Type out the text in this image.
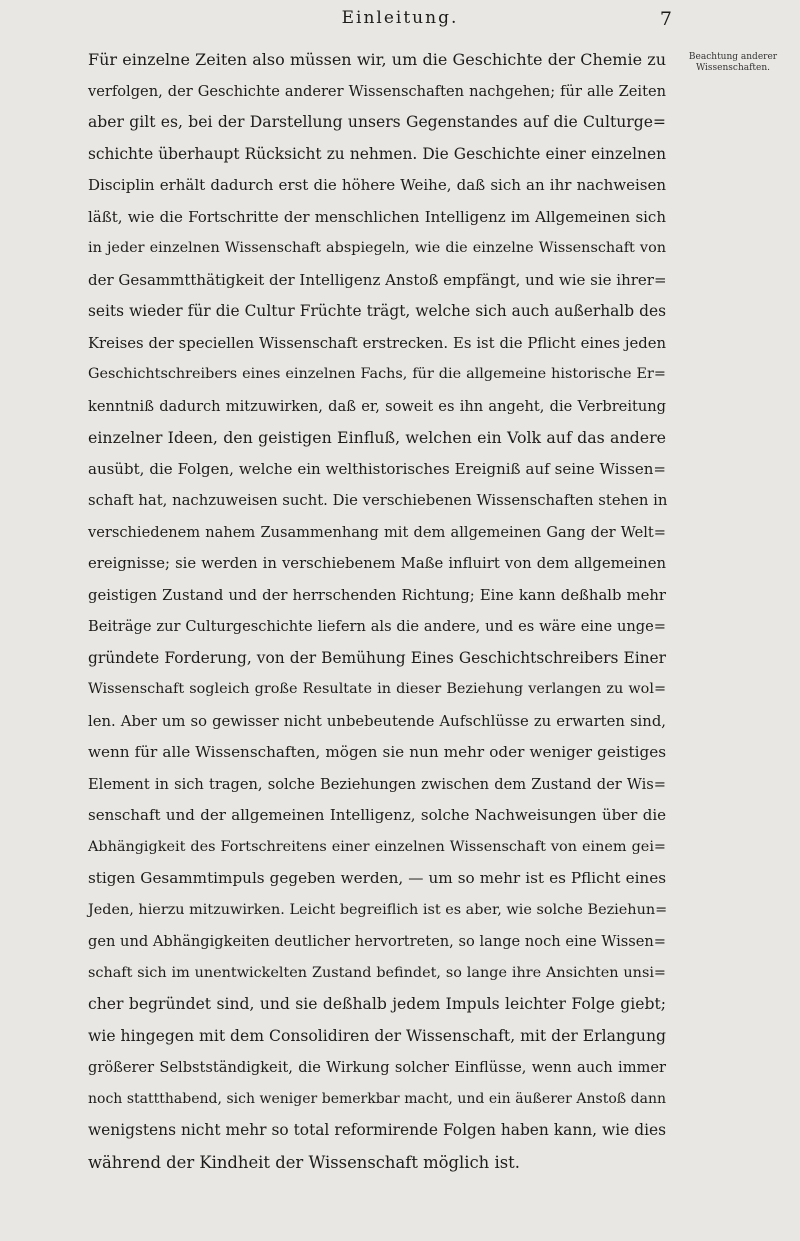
Einleitung.	7
Beachtung anderer
Wissenschaften.
Für einzelne Zeiten also müssen wir, um die Geschichte der Chemie zu
verfolgen, der Geschichte anderer Wissenschaften nachgehen; für alle Zeiten
aber gilt es, bei der Darstellung unsers Gegenstandes auf die Culturge=
schichte überhaupt Rücksicht zu nehmen. Die Geschichte einer einzelnen
Disciplin erhält dadurch erst die höhere Weihe, daß sich an ihr nachweisen
läßt, wie die Fortschritte der menschlichen Intelligenz im Allgemeinen sich
in jeder einzelnen Wissenschaft abspiegeln, wie die einzelne Wissenschaft von
der Gesammtthätigkeit der Intelligenz Anstoß empfängt, und wie sie ihrer=
seits wieder für die Cultur Früchte trägt, welche sich auch außerhalb des
Kreises der speciellen Wissenschaft erstrecken. Es ist die Pflicht eines jeden
Geschichtschreibers eines einzelnen Fachs, für die allgemeine historische Er=
kenntniß dadurch mitzuwirken, daß er, soweit es ihn angeht, die Verbreitung
einzelner Ideen, den geistigen Einfluß, welchen ein Volk auf das andere
ausübt, die Folgen, welche ein welthistorisches Ereigniß auf seine Wissen=
schaft hat, nachzuweisen sucht. Die verschiebenen Wissenschaften stehen in
verschiedenem nahem Zusammenhang mit dem allgemeinen Gang der Welt=
ereignisse; sie werden in verschiebenem Maße influirt von dem allgemeinen
geistigen Zustand und der herrschenden Richtung; Eine kann deßhalb mehr
Beiträge zur Culturgeschichte liefern als die andere, und es wäre eine unge=
gründete Forderung, von der Bemühung Eines Geschichtschreibers Einer
Wissenschaft sogleich große Resultate in dieser Beziehung verlangen zu wol=
len. Aber um so gewisser nicht unbebeutende Aufschlüsse zu erwarten sind,
wenn für alle Wissenschaften, mögen sie nun mehr oder weniger geistiges
Element in sich tragen, solche Beziehungen zwischen dem Zustand der Wis=
senschaft und der allgemeinen Intelligenz, solche Nachweisungen über die
Abhängigkeit des Fortschreitens einer einzelnen Wissenschaft von einem gei=
stigen Gesammtimpuls gegeben werden, — um so mehr ist es Pflicht eines
Jeden, hierzu mitzuwirken. Leicht begreiflich ist es aber, wie solche Beziehun=
gen und Abhängigkeiten deutlicher hervortreten, so lange noch eine Wissen=
schaft sich im unentwickelten Zustand befindet, so lange ihre Ansichten unsi=
cher begründet sind, und sie deßhalb jedem Impuls leichter Folge giebt;
wie hingegen mit dem Consolidiren der Wissenschaft, mit der Erlangung
größerer Selbstständigkeit, die Wirkung solcher Einflüsse, wenn auch immer
noch stattthabend, sich weniger bemerkbar macht, und ein äußerer Anstoß dann
wenigstens nicht mehr so total reformirende Folgen haben kann, wie dies
während der Kindheit der Wissenschaft möglich ist.
